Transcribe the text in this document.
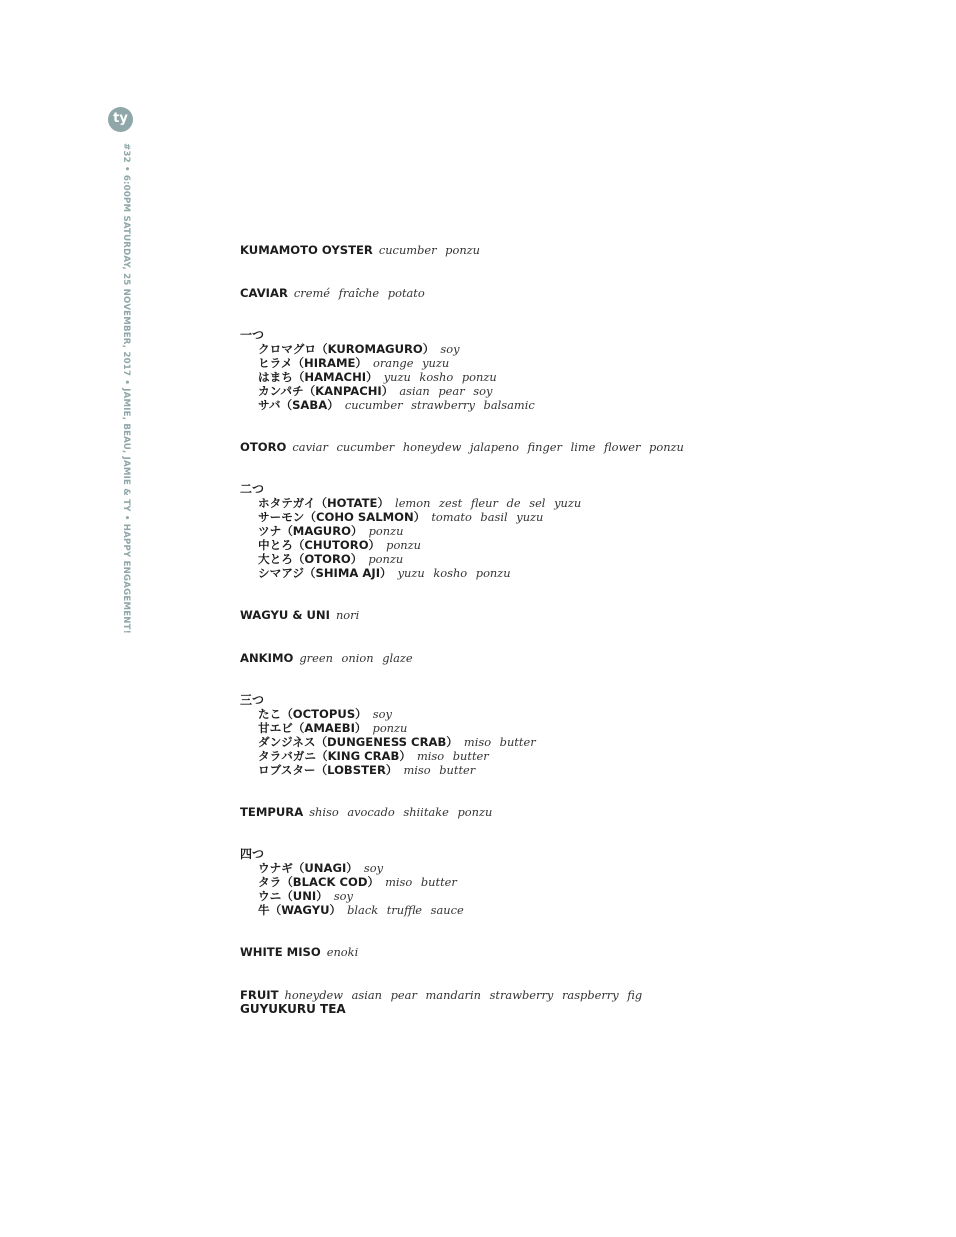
ty
#32 • 6:00PM SATURDAY, 25 NOVEMBER, 2017 • JAMIE, BEAU, JAMIE & TY • HAPPY ENGAGEMENT!	KUMAMOTO OYSTER cucumber ponzu
CAVIAR cremé fraîche potato
一つ
クロマグロ（KUROMAGURO） soy
ヒラメ（HIRAME） orange yuzu
はまち（HAMACHI） yuzu kosho ponzu
カンパチ（KANPACHI） asian pear soy
サバ（SABA） cucumber strawberry balsamic
OTORO caviar cucumber honeydew jalapeno finger lime flower ponzu
二つ
ホタテガイ（HOTATE） lemon zest fleur de sel yuzu
サーモン（COHO SALMON） tomato basil yuzu
ツナ（MAGURO） ponzu
中とろ（CHUTORO） ponzu
大とろ（OTORO） ponzu
シマアジ（SHIMA AJI） yuzu kosho ponzu
WAGYU & UNI nori
ANKIMO green onion glaze
三つ
たこ（OCTOPUS） soy
甘エビ（AMAEBI） ponzu
ダンジネス（DUNGENESS CRAB） miso butter
タラバガニ（KING CRAB） miso butter
ロブスター（LOBSTER） miso butter
TEMPURA shiso avocado shiitake ponzu
四つ
ウナギ（UNAGI） soy
タラ（BLACK COD） miso butter
ウニ（UNI） soy
牛（WAGYU） black truffle sauce
WHITE MISO enoki
FRUIT honeydew asian pear mandarin strawberry raspberry fig
GUYUKURU TEA
